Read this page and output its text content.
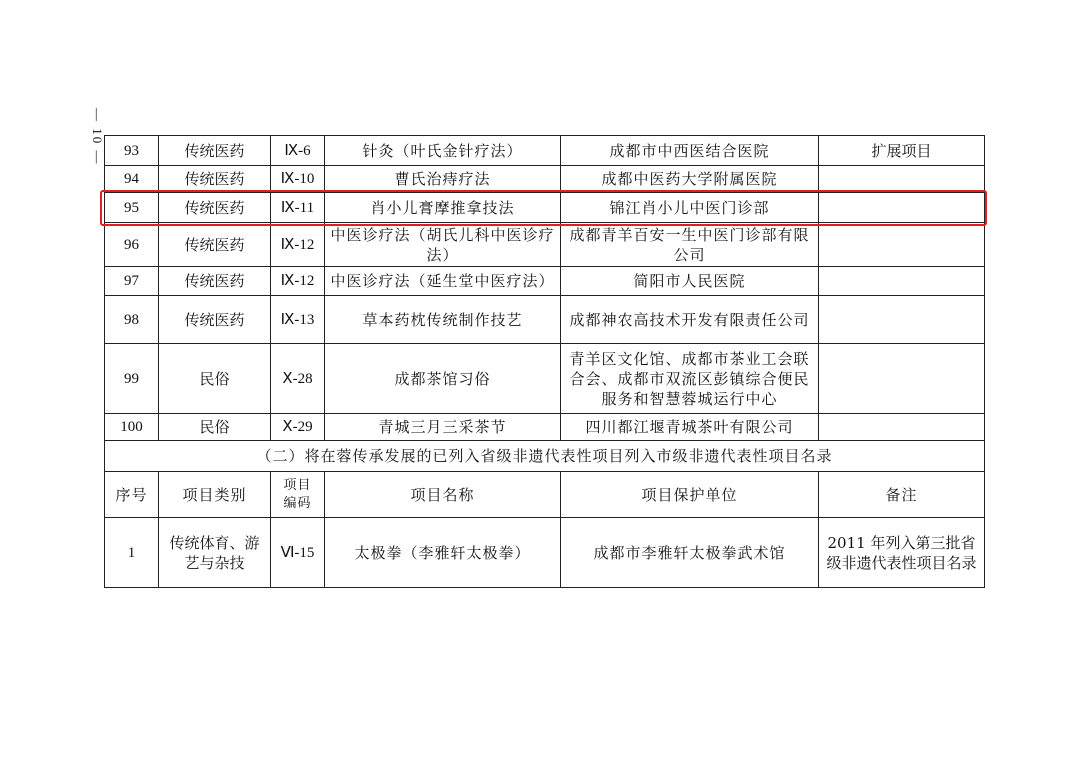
— 10 — 93	传统医药	Ⅸ-6	针灸（叶氏金针疗法）	成都市中西医结合医院	扩展项目
94	传统医药	Ⅸ-10	曹氏治痔疗法	成都中医药大学附属医院	
95	传统医药	Ⅸ-11	肖小儿膏摩推拿技法	锦江肖小儿中医门诊部	
96	传统医药	Ⅸ-12	中医诊疗法（胡氏儿科中医诊疗法）	成都青羊百安一生中医门诊部有限公司	
97	传统医药	Ⅸ-12	中医诊疗法（延生堂中医疗法）	简阳市人民医院	
98	传统医药	Ⅸ-13	草本药枕传统制作技艺	成都神农高技术开发有限责任公司	
99	民俗	Ⅹ-28	成都茶馆习俗	青羊区文化馆、成都市茶业工会联合会、成都市双流区彭镇综合便民服务和智慧蓉城运行中心	
100	民俗	Ⅹ-29	青城三月三采茶节	四川都江堰青城茶叶有限公司	
（二）将在蓉传承发展的已列入省级非遗代表性项目列入市级非遗代表性项目名录					
序号	项目类别	项目编码	项目名称	项目保护单位	备注
1	传统体育、游艺与杂技	Ⅵ-15	太极拳（李雅轩太极拳）	成都市李雅轩太极拳武术馆	2011 年列入第三批省级非遗代表性项目名录
